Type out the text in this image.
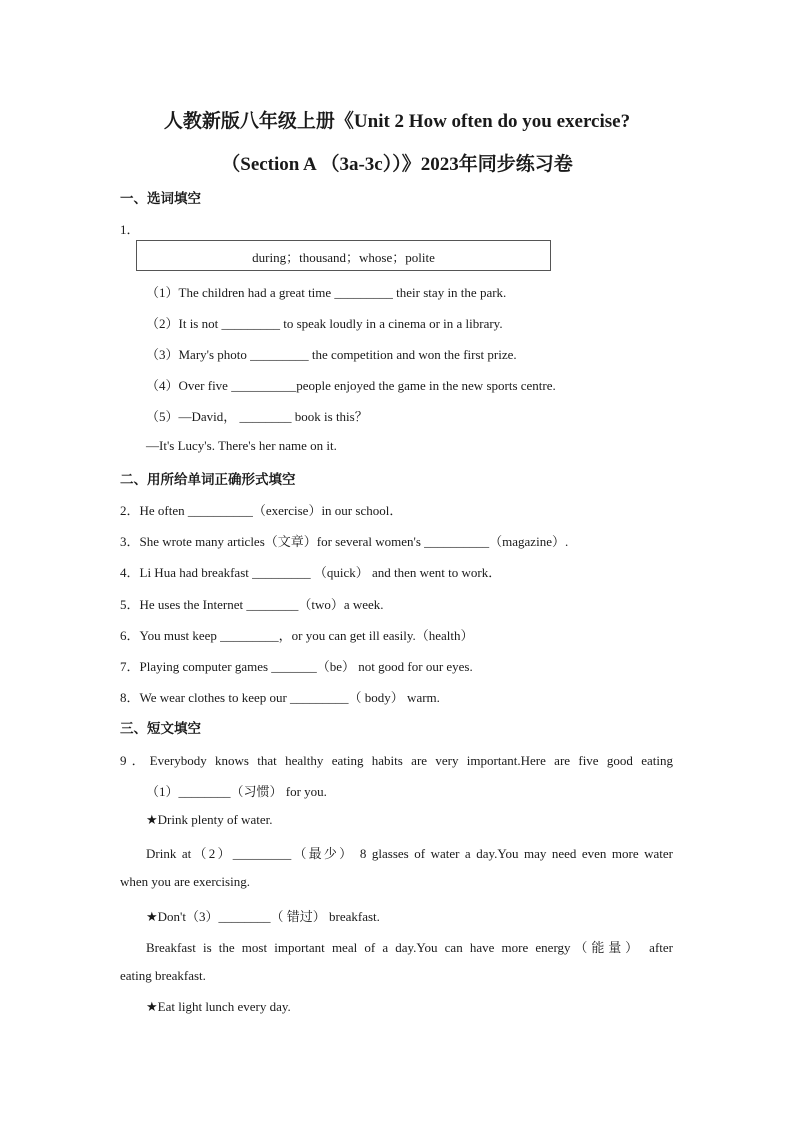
人教新版八年级上册《Unit 2 How often do you exercise?
（Section A （3a-3c））》2023年同步练习卷
一、选词填空
1．
during；thousand；whose；polite
（1）The children had a great time _________ their stay in the park.
（2）It is not _________ to speak loudly in a cinema or in a library.
（3）Mary's photo _________ the competition and won the first prize.
（4）Over five __________people enjoyed the game in the new sports centre.
（5）—David， ________ book is this？
—It's Lucy's. There's her name on it.
二、用所给单词正确形式填空
2．He often __________（exercise）in our school．
3．She wrote many articles（文章）for several women's __________（magazine）.
4．Li Hua had breakfast _________ （quick） and then went to work．
5．He uses the Internet ________（two）a week.
6．You must keep _________，or you can get ill easily.（health）
7．Playing computer games _______（be） not good for our eyes.
8．We wear clothes to keep our _________（ body） warm.
三、短文填空
9．Everybody knows that healthy eating habits are very important.Here are five good eating
（1）________（习惯） for you.
★Drink plenty of water.
Drink at（2）_________（最少） 8 glasses of water a day.You may need even more water
when you are exercising.
★Don't（3）________（ 错过） breakfast.
Breakfast is the most important meal of a day.You can have more energy（能量） after
eating breakfast.
★Eat light lunch every day.
